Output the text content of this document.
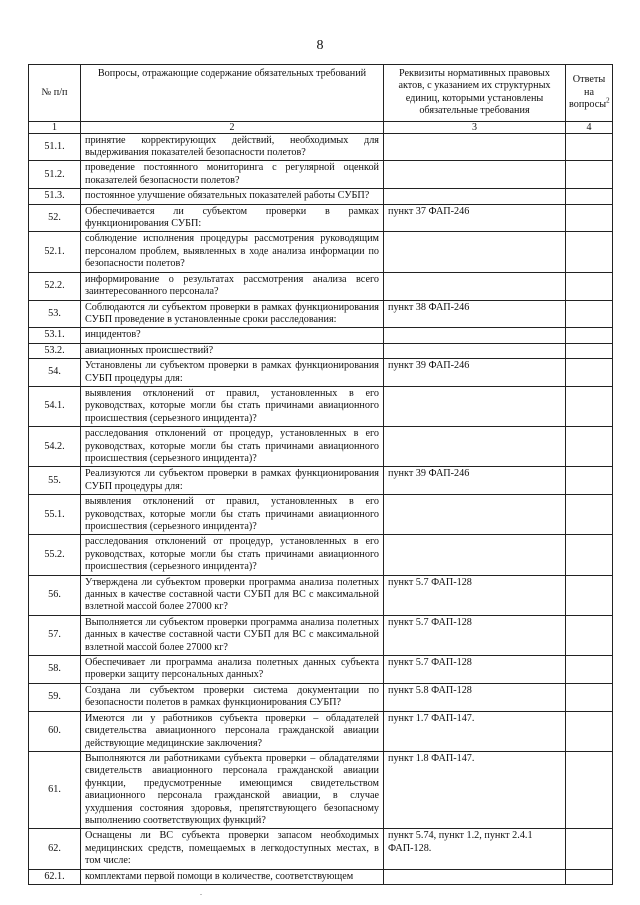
8
№ п/п	Вопросы, отражающие содержание обязательных требований	Реквизиты нормативных правовых актов, с указанием их структурных единиц, которыми установлены обязательные требования	Ответы на вопросы$^2$
1	2	3	4
51.1.	принятие корректирующих действий, необходимых для выдерживания показателей безопасности полетов?		
51.2.	проведение постоянного мониторинга с регулярной оценкой показателей безопасности полетов?		
51.3.	постоянное улучшение обязательных показателей работы СУБП?		
52.	Обеспечивается ли субъектом проверки в рамках функционирования СУБП:	пункт 37 ФАП-246	
52.1.	соблюдение исполнения процедуры рассмотрения руководящим персоналом проблем, выявленных в ходе анализа информации по безопасности полетов?		
52.2.	информирование о результатах рассмотрения анализа всего заинтересованного персонала?		
53.	Соблюдаются ли субъектом проверки в рамках функционирования СУБП проведение в установленные сроки расследования:	пункт 38 ФАП-246	
53.1.	инцидентов?		
53.2.	авиационных происшествий?		
54.	Установлены ли субъектом проверки в рамках функционирования СУБП процедуры для:	пункт 39 ФАП-246	
54.1.	выявления отклонений от правил, установленных в его руководствах, которые могли бы стать причинами авиационного происшествия (серьезного инцидента)?		
54.2.	расследования отклонений от процедур, установленных в его руководствах, которые могли бы стать причинами авиационного происшествия (серьезного инцидента)?		
55.	Реализуются ли субъектом проверки в рамках функционирования СУБП процедуры для:	пункт 39 ФАП-246	
55.1.	выявления отклонений от правил, установленных в его руководствах, которые могли бы стать причинами авиационного происшествия (серьезного инцидента)?		
55.2.	расследования отклонений от процедур, установленных в его руководствах, которые могли бы стать причинами авиационного происшествия (серьезного инцидента)?		
56.	Утверждена ли субъектом проверки программа анализа полетных данных в качестве составной части СУБП для ВС с максимальной взлетной массой более 27000 кг?	пункт 5.7 ФАП-128	
57.	Выполняется ли субъектом проверки программа анализа полетных данных в качестве составной части СУБП для ВС с максимальной взлетной массой более 27000 кг?	пункт 5.7 ФАП-128	
58.	Обеспечивает ли программа анализа полетных данных субъекта проверки защиту персональных данных?	пункт 5.7 ФАП-128	
59.	Создана ли субъектом проверки система документации по безопасности полетов в рамках функционирования СУБП?	пункт 5.8 ФАП-128	
60.	Имеются ли у работников субъекта проверки – обладателей свидетельства авиационного персонала гражданской авиации действующие медицинские заключения?	пункт 1.7 ФАП-147.	
61.	Выполняются ли работниками субъекта проверки – обладателями свидетельств авиационного персонала гражданской авиации функции, предусмотренные имеющимся свидетельством авиационного персонала гражданской авиации, в случае ухудшения состояния здоровья, препятствующего безопасному выполнению соответствующих функций?	пункт 1.8 ФАП-147.	
62.	Оснащены ли ВС субъекта проверки запасом необходимых медицинских средств, помещаемых в легкодоступных местах, в том числе:	пункт 5.74, пункт 1.2, пункт 2.4.1 ФАП-128.	
62.1.	комплектами первой помощи в количестве, соответствующем		
.
